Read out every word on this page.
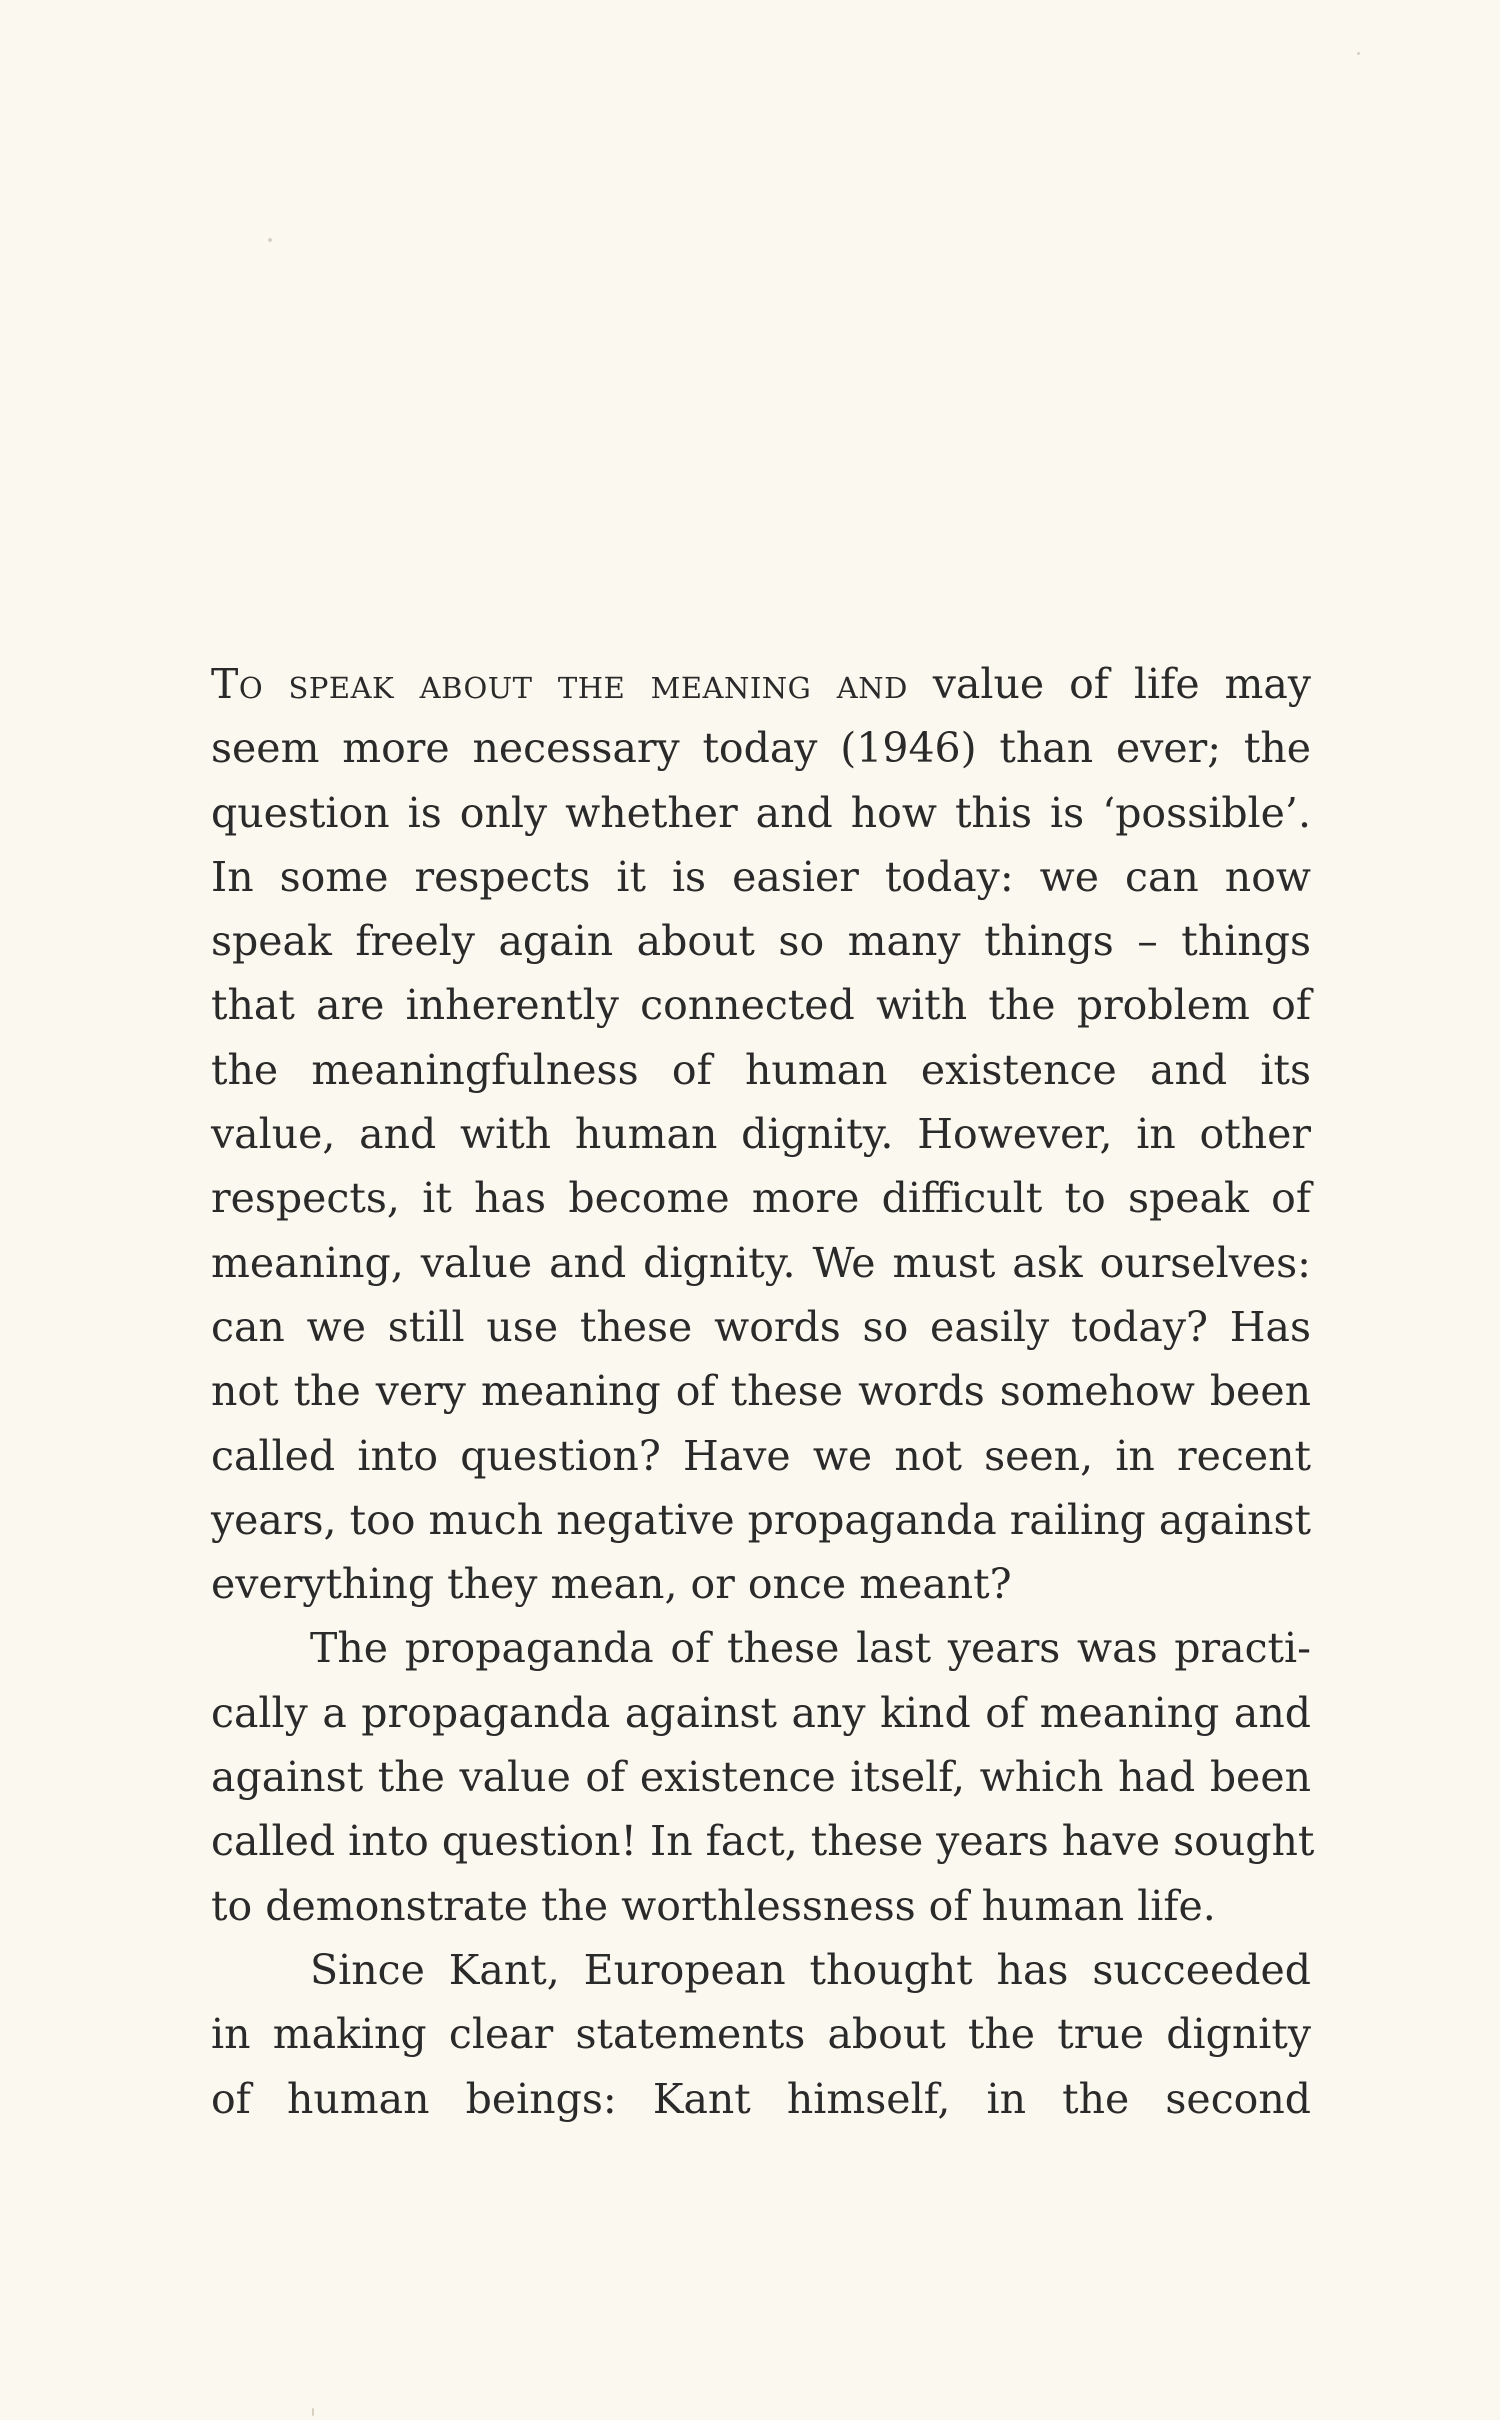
To speak about the meaning and value of life may
seem more necessary today (1946) than ever; the
question is only whether and how this is ‘possible’.
In some respects it is easier today: we can now
speak freely again about so many things – things
that are inherently connected with the problem of
the meaningfulness of human existence and its
value, and with human dignity. However, in other
respects, it has become more difficult to speak of
meaning, value and dignity. We must ask ourselves:
can we still use these words so easily today? Has
not the very meaning of these words somehow been
called into question? Have we not seen, in recent
years, too much negative propaganda railing against
everything they mean, or once meant?
The propaganda of these last years was practi-
cally a propaganda against any kind of meaning and
against the value of existence itself, which had been
called into question! In fact, these years have sought
to demonstrate the worthlessness of human life.
Since Kant, European thought has succeeded
in making clear statements about the true dignity
of human beings: Kant himself, in the second
